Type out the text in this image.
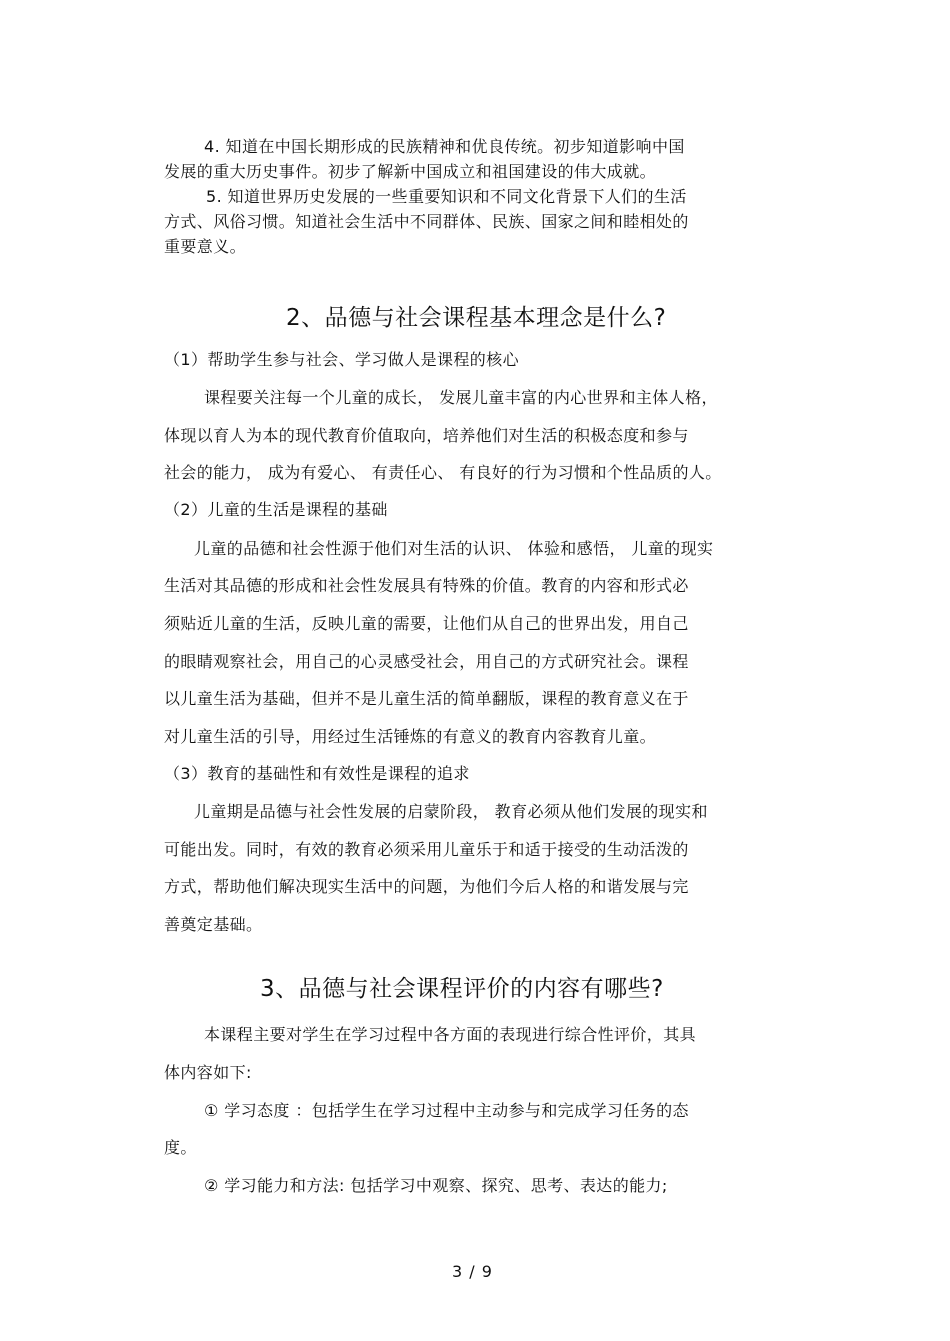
4. 知道在中国长期形成的民族精神和优良传统。初步知道影响中国
发展的重大历史事件。初步了解新中国成立和祖国建设的伟大成就。
5. 知道世界历史发展的一些重要知识和不同文化背景下人们的生活
方式、风俗习惯。知道社会生活中不同群体、民族、国家之间和睦相处的
重要意义。
2、品德与社会课程基本理念是什么?
（1）帮助学生参与社会、学习做人是课程的核心
课程要关注每一个儿童的成长， 发展儿童丰富的内心世界和主体人格，
体现以育人为本的现代教育价值取向，培养他们对生活的积极态度和参与
社会的能力， 成为有爱心、 有责任心、 有良好的行为习惯和个性品质的人。
（2）儿童的生活是课程的基础
儿童的品德和社会性源于他们对生活的认识、 体验和感悟， 儿童的现实
生活对其品德的形成和社会性发展具有特殊的价值。教育的内容和形式必
须贴近儿童的生活，反映儿童的需要，让他们从自己的世界出发，用自己
的眼睛观察社会，用自己的心灵感受社会，用自己的方式研究社会。课程
以儿童生活为基础，但并不是儿童生活的简单翻版，课程的教育意义在于
对儿童生活的引导，用经过生活锤炼的有意义的教育内容教育儿童。
（3）教育的基础性和有效性是课程的追求
儿童期是品德与社会性发展的启蒙阶段， 教育必须从他们发展的现实和
可能出发。同时，有效的教育必须采用儿童乐于和适于接受的生动活泼的
方式，帮助他们解决现实生活中的问题，为他们今后人格的和谐发展与完
善奠定基础。
3、品德与社会课程评价的内容有哪些?
本课程主要对学生在学习过程中各方面的表现进行综合性评价，其具
体内容如下:
① 学习态度 ：包括学生在学习过程中主动参与和完成学习任务的态
度。
② 学习能力和方法: 包括学习中观察、探究、思考、表达的能力;
3 / 9
